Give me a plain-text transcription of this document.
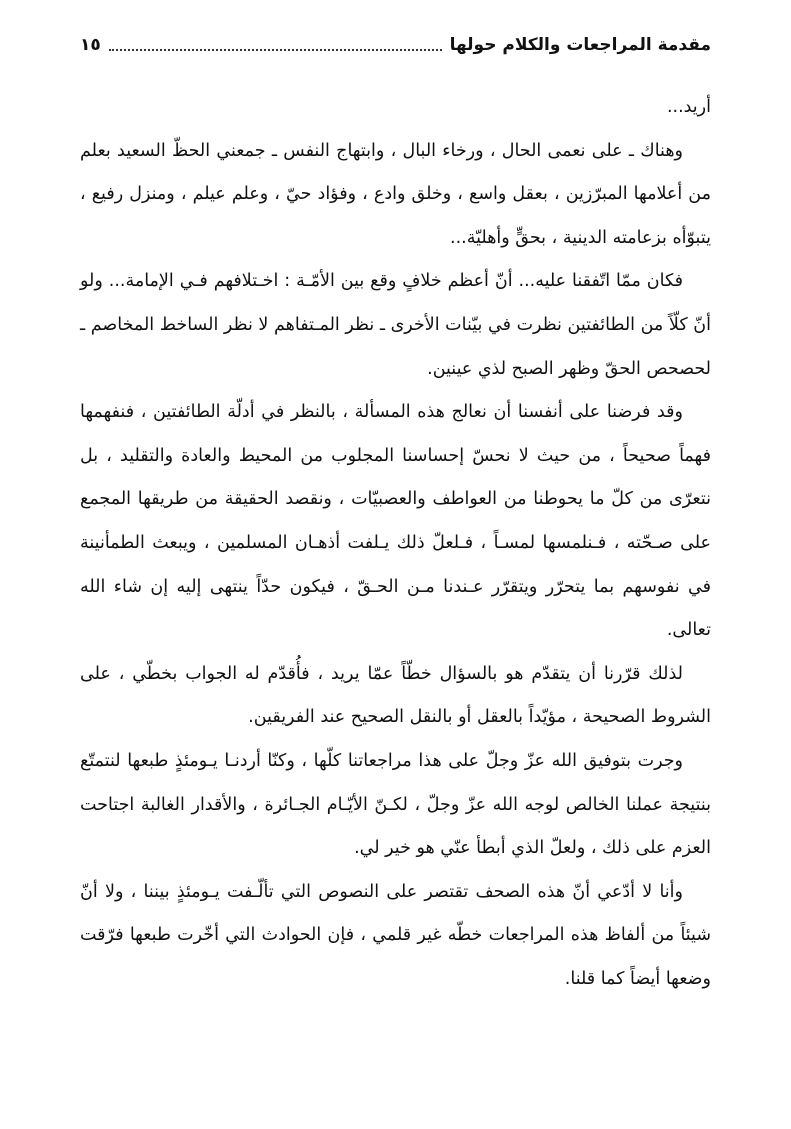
مقدمة المراجعات والكلام حولها
١٥

أريد...

وهناك ـ على نعمى الحال ، ورخاء البال ، وابتهاج النفس ـ جمعني الحظّ السعيد بعلم من أعلامها المبرّزين ، بعقل واسع ، وخلق وادع ، وفؤاد حيّ ، وعلم عيلم ، ومنزل رفيع ، يتبوّأه بزعامته الدينية ، بحقٍّ وأهليّة...

فكان ممّا اتّفقنا عليه... أنّ أعظم خلافٍ وقع بين الأمّـة : اخـتلافهم فـي الإمامة... ولو أنّ كلّاً من الطائفتين نظرت في بيّنات الأخرى ـ نظر المـتفاهم لا نظر الساخط المخاصم ـ لحصحص الحقّ وظهر الصبح لذي عينين.

وقد فرضنا على أنفسنا أن نعالج هذه المسألة ، بالنظر في أدلّة الطائفتين ، فنفهمها فهماً صحيحاً ، من حيث لا نحسّ إحساسنا المجلوب من المحيط والعادة والتقليد ، بل نتعرّى من كلّ ما يحوطنا من العواطف والعصبيّات ، ونقصد الحقيقة من طريقها المجمع على صـحّته ، فـنلمسها لمسـاً ، فـلعلّ ذلك يـلفت أذهـان المسلمين ، ويبعث الطمأنينة في نفوسهم بما يتحرّر ويتقرّر عـندنا مـن الحـقّ ، فيكون حدّاً ينتهى إليه إن شاء الله تعالى.

لذلك قرّرنا أن يتقدّم هو بالسؤال خطّاً عمّا يريد ، فأُقدّم له الجواب بخطّي ، على الشروط الصحيحة ، مؤيّداً بالعقل أو بالنقل الصحيح عند الفريقين.

وجرت بتوفيق الله عزّ وجلّ على هذا مراجعاتنا كلّها ، وكنّا أردنـا يـومئذٍ طبعها لنتمتّع بنتيجة عملنا الخالص لوجه الله عزّ وجلّ ، لكـنّ الأيّـام الجـائرة ، والأقدار الغالبة اجتاحت العزم على ذلك ، ولعلّ الذي أبطأ عنّي هو خير لي.

وأنا لا أدّعي أنّ هذه الصحف تقتصر على النصوص التي تألّـفت يـومئذٍ بيننا ، ولا أنّ شيئاً من ألفاظ هذه المراجعات خطّه غير قلمي ، فإن الحوادث التي أخّرت طبعها فرّقت وضعها أيضاً كما قلنا.
